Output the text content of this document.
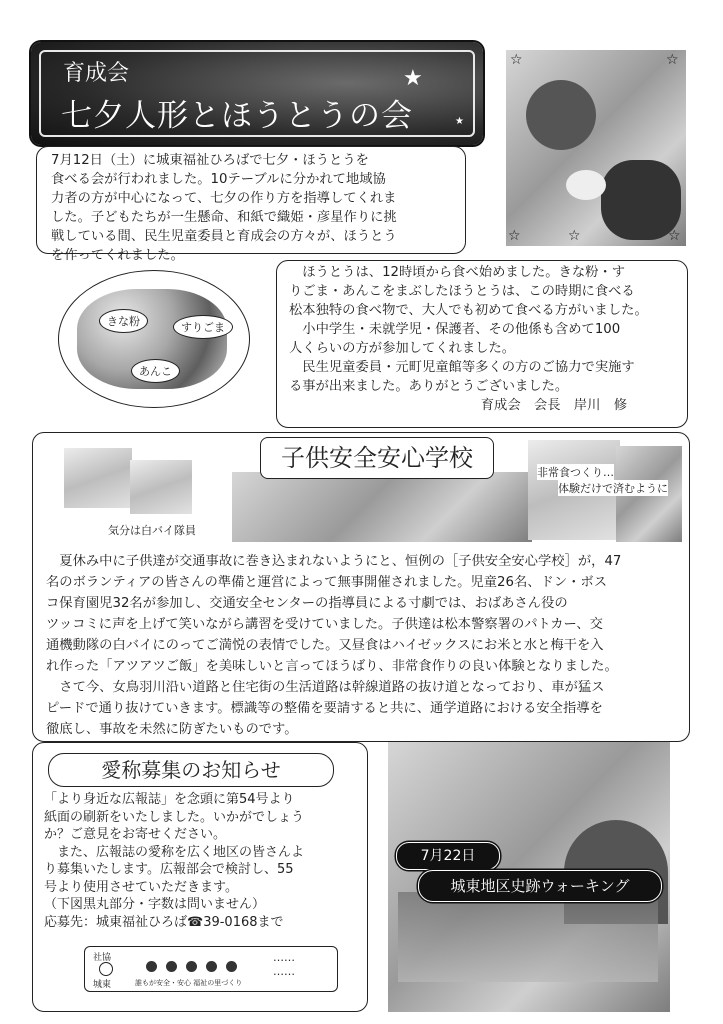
育成会
七夕人形とほうとうの会
★
★
☆	☆
☆	☆	☆

7月12日（土）に城東福祉ひろばで七夕・ほうとうを
食べる会が行われました。10テーブルに分かれて地域協
力者の方が中心になって、七夕の作り方を指導してくれま
した。子どもたちが一生懸命、和紙で織姫・彦星作りに挑
戦している間、民生児童委員と育成会の方々が、ほうとう
を作ってくれました。

きな粉	すりごま
あんこ

　ほうとうは、12時頃から食べ始めました。きな粉・す
りごま・あんこをまぶしたほうとうは、この時期に食べる
松本独特の食べ物で、大人でも初めて食べる方がいました。
　小中学生・未就学児・保護者、その他係も含めて100
人くらいの方が参加してくれました。
　民生児童委員・元町児童館等多くの方のご協力で実施す
る事が出来ました。ありがとうございました。

育成会　会長　岸川　修

気分は白バイ隊員
非常食つくり…
体験だけで済むように
子供安全安心学校

　夏休み中に子供達が交通事故に巻き込まれないようにと、恒例の［子供安全安心学校］が，47
名のボランティアの皆さんの準備と運営によって無事開催されました。児童26名、ドン・ボス
コ保育園児32名が参加し、交通安全センターの指導員による寸劇では、おばあさん役の
ツッコミに声を上げて笑いながら講習を受けていました。子供達は松本警察署のパトカー、交
通機動隊の白バイにのってご満悦の表情でした。又昼食はハイゼックスにお米と水と梅干を入
れ作った「アツアツご飯」を美味しいと言ってほうばり、非常食作りの良い体験となりました。
　さて今、女鳥羽川沿い道路と住宅街の生活道路は幹線道路の抜け道となっており、車が猛ス
ピードで通り抜けていきます。標識等の整備を要請すると共に、通学道路における安全指導を
徹底し、事故を未然に防ぎたいものです。

愛称募集のお知らせ

「より身近な広報誌」を念頭に第54号より
紙面の刷新をいたしました。いかがでしょう
か？ご意見をお寄せください。
　また、広報誌の愛称を広く地区の皆さんよ
り募集いたします。広報部会で検討し、55
号より使用させていただきます。
（下図黒丸部分・字数は問いません）

応募先：城東福祉ひろば☎39-0168まで

社協
城東	誰もが安全・安心 福祉の里づくり
……
……
7月22日
城東地区史跡ウォーキング
